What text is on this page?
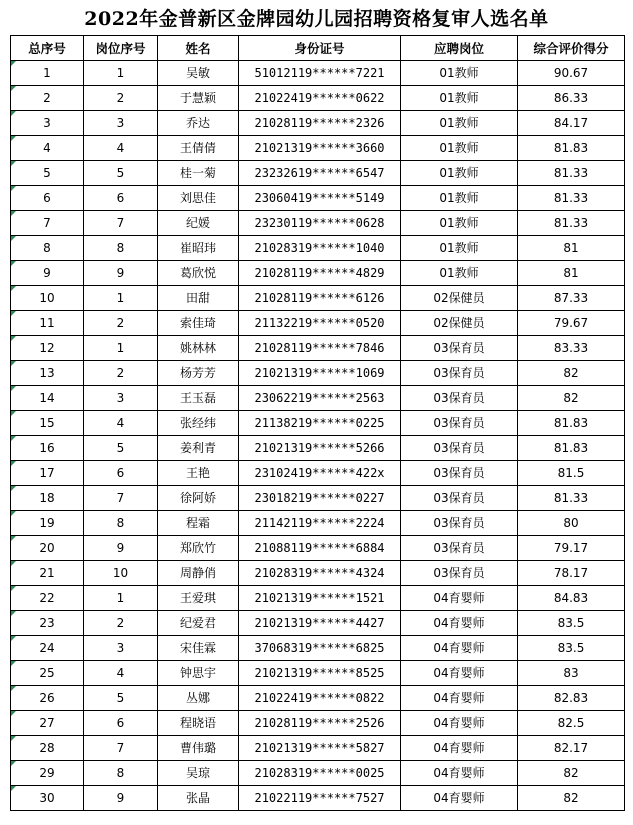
2022年金普新区金牌园幼儿园招聘资格复审人选名单
总序号	岗位序号	姓名	身份证号	应聘岗位	综合评价得分
1	1	吴敏	51012119******7221	01教师	90.67
2	2	于慧颖	21022419******0622	01教师	86.33
3	3	乔达	21028119******2326	01教师	84.17
4	4	王倩倩	21021319******3660	01教师	81.83
5	5	桂一菊	23232619******6547	01教师	81.33
6	6	刘思佳	23060419******5149	01教师	81.33
7	7	纪媛	23230119******0628	01教师	81.33
8	8	崔昭玮	21028319******1040	01教师	81
9	9	葛欣悦	21028119******4829	01教师	81
10	1	田甜	21028119******6126	02保健员	87.33
11	2	索佳琦	21132219******0520	02保健员	79.67
12	1	姚林林	21028119******7846	03保育员	83.33
13	2	杨芳芳	21021319******1069	03保育员	82
14	3	王玉磊	23062219******2563	03保育员	82
15	4	张经纬	21138219******0225	03保育员	81.83
16	5	姜利青	21021319******5266	03保育员	81.83
17	6	王艳	23102419******422x	03保育员	81.5
18	7	徐阿娇	23018219******0227	03保育员	81.33
19	8	程霜	21142119******2224	03保育员	80
20	9	郑欣竹	21088119******6884	03保育员	79.17
21	10	周静俏	21028319******4324	03保育员	78.17
22	1	王爱琪	21021319******1521	04育婴师	84.83
23	2	纪爱君	21021319******4427	04育婴师	83.5
24	3	宋佳霖	37068319******6825	04育婴师	83.5
25	4	钟思宇	21021319******8525	04育婴师	83
26	5	丛娜	21022419******0822	04育婴师	82.83
27	6	程晓语	21028119******2526	04育婴师	82.5
28	7	曹伟璐	21021319******5827	04育婴师	82.17
29	8	吴琼	21028319******0025	04育婴师	82
30	9	张晶	21022119******7527	04育婴师	82
